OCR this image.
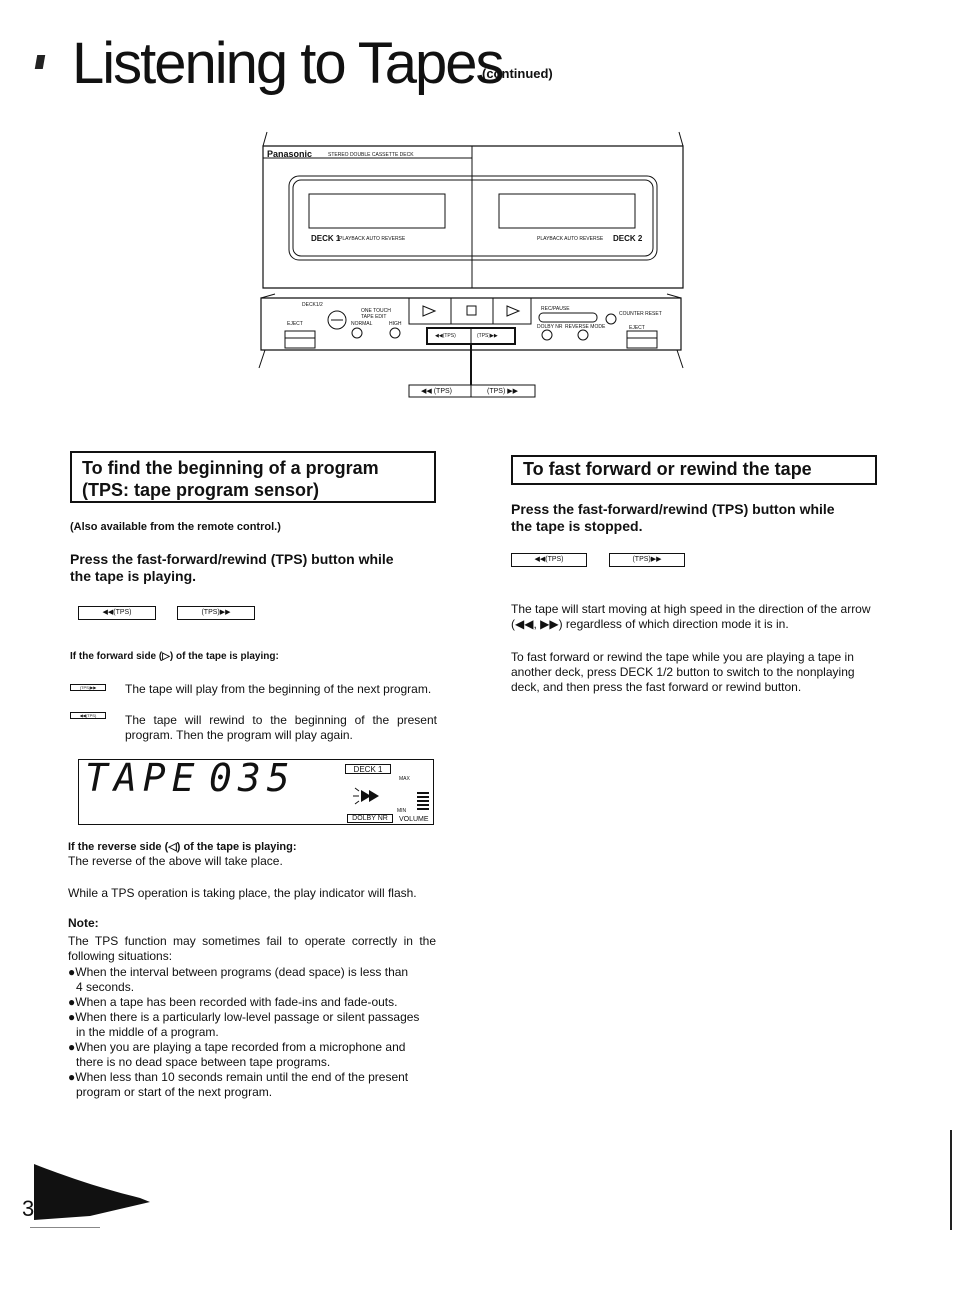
Listening to Tapes
(continued)
Panasonic	STEREO DOUBLE CASSETTE DECK
DECK 1
PLAYBACK AUTO REVERSE	PLAYBACK AUTO REVERSE DECK 2
DECK1/2
ONE TOUCH TAPE EDIT
NORMAL	HIGH
EJECT
EJECT
REC/PAUSE
COUNTER RESET
DOLBY NR REVERSE MODE
◀◀(TPS)	(TPS)▶▶
◀◀ (TPS)	(TPS) ▶▶
To find the beginning of a program
(TPS: tape program sensor)
(Also available from the remote control.)
Press the fast-forward/rewind (TPS) button while
the tape is playing.
◀◀(TPS)	(TPS)▶▶
If the forward side (▷) of the tape is playing:
(TPS)▶▶	The tape will play from the beginning of the next program.
◀◀(TPS)	The tape will rewind to the beginning of the present
program. Then the program will play again.
TAPE 035	DECK 1
MAX
MIN
DOLBY NR	VOLUME
If the reverse side (◁) of the tape is playing:
The reverse of the above will take place.
While a TPS operation is taking place, the play indicator will flash.
Note:
The TPS function may sometimes fail to operate correctly in the
following situations:
●When the interval between programs (dead space) is less than
4 seconds.
●When a tape has been recorded with fade-ins and fade-outs.
●When there is a particularly low-level passage or silent passages
in the middle of a program.
●When you are playing a tape recorded from a microphone and
there is no dead space between tape programs.
●When less than 10 seconds remain until the end of the present
program or start of the next program.
To fast forward or rewind the tape
Press the fast-forward/rewind (TPS) button while
the tape is stopped.
◀◀(TPS)	(TPS)▶▶
The tape will start moving at high speed in the direction of the arrow
(◀◀, ▶▶) regardless of which direction mode it is in.
To fast forward or rewind the tape while you are playing a tape in
another deck, press DECK 1/2 button to switch to the nonplaying
deck, and then press the fast forward or rewind button.
3
